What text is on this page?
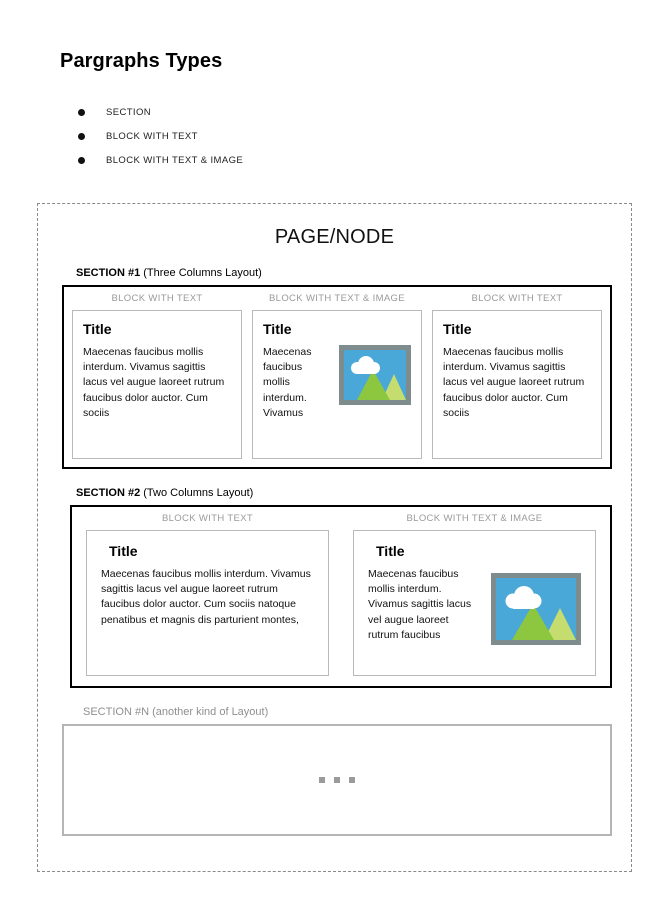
Pargraphs Types
SECTION
BLOCK WITH TEXT
BLOCK WITH TEXT & IMAGE
PAGE/NODE
SECTION #1 (Three Columns Layout)
BLOCK WITH TEXT
Title
Maecenas faucibus mollis interdum. Vivamus sagittis lacus vel augue laoreet rutrum faucibus dolor auctor. Cum sociis
BLOCK WITH TEXT & IMAGE
Title
Maecenas faucibus mollis interdum. Vivamus
BLOCK WITH TEXT
Title
Maecenas faucibus mollis interdum. Vivamus sagittis lacus vel augue laoreet rutrum faucibus dolor auctor. Cum sociis
SECTION #2 (Two Columns Layout)
BLOCK WITH TEXT
Title
Maecenas faucibus mollis interdum. Vivamus sagittis lacus vel augue laoreet rutrum faucibus dolor auctor. Cum sociis natoque penatibus et magnis dis parturient montes,
BLOCK WITH TEXT & IMAGE
Title
Maecenas faucibus mollis interdum. Vivamus sagittis lacus vel augue laoreet rutrum faucibus
SECTION #N (another kind of Layout)
